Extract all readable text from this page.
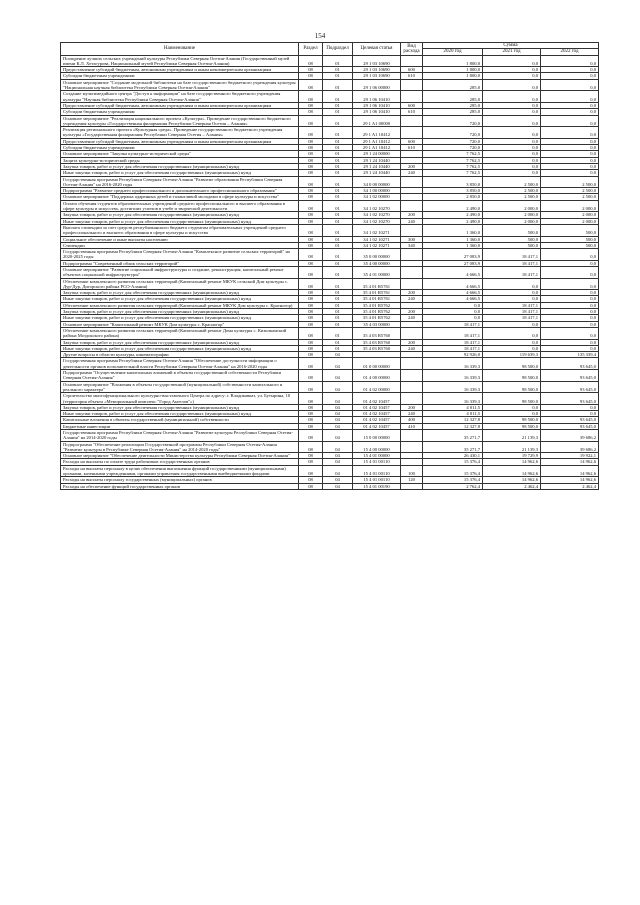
154
Наименование	Раздел	Подраздел	Целевая статья	Вид расхода	Сумма		
					2020 год	2021 год	2022 год
Поощрение лучших сельских учреждений культуры Республики Северная Осетия-Алания (Государственный музей имени К.Л. Хетагурова, Национальный музей Республики Северная Осетия-Алания)	08	01	29 1 03 10690		1 800,0	0,0	0,0
Предоставление субсидий бюджетным, автономным учреждениям и иным некоммерческим организациям	08	01	29 1 03 10690	600	1 800,0	0,0	0,0
Субсидии бюджетным учреждениям	08	01	29 1 03 10690	610	1 800,0	0,0	0,0
Основное мероприятие "Создание модельной библиотеки на базе государственного бюджетного учреждения культуры "Национальная научная библиотека Республики Северная Осетия-Алания"	08	01	29 1 06 00000		285,0	0,0	0,0
Создание мультимедийного центра "Доступ к информации" на базе государственного бюджетного учреждения культуры "Научная библиотека Республики Северная Осетия-Алания"	08	01	29 1 06 10410		285,0	0,0	0,0
Предоставление субсидий бюджетным, автономным учреждениям и иным некоммерческим организациям	08	01	29 1 06 10410	600	285,0	0,0	0,0
Субсидии бюджетным учреждениям	08	01	29 1 06 10410	610	285,0	0,0	0,0
Основное мероприятие "Реализация национального проекта «Культура». Проведение государственного бюджетного учреждения культуры «Государственная филармония Республики Северная Осетия – Алания»	08	01	29 1 A1 00000		720,0	0,0	0,0
Реализация регионального проекта «Культурная среда». Проведение государственного бюджетного учреждения культуры «Государственная филармония Республики Северная Осетия – Алания»	08	01	29 1 A1 10412		720,0	0,0	0,0
Предоставление субсидий бюджетным, автономным учреждениям и иным некоммерческим организациям	08	01	29 1 A1 10412	600	720,0	0,0	0,0
Субсидии бюджетным учреждениям	08	01	29 1 A1 10412	610	720,0	0,0	0,0
Основное мероприятие "Закупка культурно-исторической среды"	08	01	29 1 24 00000		7 762,5	0,0	0,0
Защита культурно-исторической среды	08	01	29 1 24 10440		7 762,5	0,0	0,0
Закупка товаров, работ и услуг для обеспечения государственных (муниципальных) нужд	08	01	29 1 24 10440	200	7 762,5	0,0	0,0
Иные закупки товаров, работ и услуг для обеспечения государственных (муниципальных) нужд	08	01	29 1 24 10440	240	7 762,5	0,0	0,0
Государственная программа Республики Северная Осетия-Алания "Развитие образования Республики Северная Осетия-Алания" на 2016-2020 годы	08	01	34 0 00 00000		3 850,0	2 500,0	2 500,0
Подпрограмма "Развитие среднего профессионального и дополнительного профессионального образования"	08	01	34 1 00 00000		3 850,0	2 500,0	2 500,0
Основное мероприятие "Поддержка одаренных детей и талантливой молодежи в сфере культуры и искусства"	08	01	34 1 02 00000		2 850,0	2 500,0	2 500,0
Оплата обучения студентов образовательных учреждений среднего профессионального и высшего образования в сфере культуры и искусства, достигших успехов в учебе и творческой деятельности	08	01	34 1 02 10270		2 490,0	2 000,0	2 000,0
Закупка товаров, работ и услуг для обеспечения государственных (муниципальных) нужд	08	01	34 1 02 10270	200	2 490,0	2 000,0	2 000,0
Иные закупки товаров, работ и услуг для обеспечения государственных (муниципальных) нужд	08	01	34 1 02 10270	240	2 490,0	2 000,0	2 000,0
Выплата стипендии за счет средств республиканского бюджета студентам образовательных учреждений среднего профессионального и высшего образования в сфере культуры и искусства	08	01	34 1 02 10271		1 360,0	500,0	500,0
Социальное обеспечение и иные выплаты населению	08	01	34 1 02 10271	300	1 360,0	500,0	500,0
Стипендии	08	01	34 1 02 10271	340	1 360,0	500,0	500,0
Государственная программа Республики Северная Осетия-Алания "Комплексное развитие сельских территорий" на 2020-2025 годы	08	01	35 0 00 00000		27 083,9	18 417,1	0,0
Подпрограмма "Современный облик сельских территорий"	08	01	35 4 00 00000		27 083,9	18 417,1	0,0
Основное мероприятие "Развитие социальной инфраструктуры и создание, реконструкция, капитальный ремонт объектов социальной инфраструктуры"	08	01	35 4 01 00000		4 666,5	18 417,1	0,0
Обеспечение комплексного развития сельских территорий (Капитальный ремонт МКУК сельский Дом культуры с. Дур-Дур, Дигорского района РСО-Алания)	08	01	35 4 01 R5761		4 666,5	0,0	0,0
Закупка товаров, работ и услуг для обеспечения государственных (муниципальных) нужд	08	01	35 4 01 R5761	200	4 666,5	0,0	0,0
Иные закупки товаров, работ и услуг для обеспечения государственных (муниципальных) нужд	08	01	35 4 01 R5761	240	4 666,5	0,0	0,0
Обеспечение комплексного развития сельских территорий (Капитальный ремонт МКУК Дом культуры с. Красногор)	08	01	35 4 01 R5762		0,0	18 417,1	0,0
Закупка товаров, работ и услуг для обеспечения государственных (муниципальных) нужд	08	01	35 4 01 R5762	200	0,0	18 417,1	0,0
Иные закупки товаров, работ и услуг для обеспечения государственных (муниципальных) нужд	08	01	35 4 01 R5762	240	0,0	18 417,1	0,0
Основное мероприятие "Капитальный ремонт МКУК Дом культуры с. Красногор"	08	01	35 4 03 00000		18 417,1	0,0	0,0
Обеспечение комплексного развития сельских территорий (Капитальный ремонт Дома культуры с. Кизилкамский района Моздокского района)	08	01	35 4 03 R5760		18 417,1	0,0	0,0
Закупка товаров, работ и услуг для обеспечения государственных (муниципальных) нужд	08	01	35 4 03 R5760	200	18 417,1	0,0	0,0
Иные закупки товаров, работ и услуг для обеспечения государственных (муниципальных) нужд	08	01	35 4 03 R5760	240	18 417,1	0,0	0,0
Другие вопросы в области культуры, кинематографии	08	04			92 926,0	119 639,3	135 339,4
Государственная программа Республики Северная Осетия-Алания "Обеспечение доступности информации о деятельности органов исполнительной власти Республики Северная Осетия-Алания" на 2016-2020 годы	08	04	01 0 00 00000		16 339,3	98 500,0	93 645,0
Подпрограмма "Осуществление капитальных вложений в объекты государственной собственности Республики Северная Осетия-Алания"	08	04	01 4 00 00000		16 339,3	98 500,0	93 645,0
Основное мероприятие "Вложения в объекты государственной (муниципальной) собственности капитального и реального характера"	08	04	01 4 02 00000		16 339,3	98 500,0	93 645,0
Строительство многофункционального культурно-выставочного Центра по адресу: г. Владикавказ, ул. Бутырина, 10 (территория объекта «Мемориальный комплекс "Город Ангелов"»)	08	04	01 4 02 10457		16 339,3	98 500,0	93 645,0
Закупка товаров, работ и услуг для обеспечения государственных (муниципальных) нужд	08	04	01 4 02 10457	200	4 011,5	0,0	0,0
Иные закупки товаров, работ и услуг для обеспечения государственных (муниципальных) нужд	08	04	01 4 02 10457	240	4 011,5	0,0	0,0
Капитальные вложения в объекты государственной (муниципальной) собственности	08	04	01 4 02 10457	400	12 327,8	98 500,0	93 645,0
Бюджетные инвестиции	08	04	01 4 02 10457	410	12 327,8	98 500,0	93 645,0
Государственная программа Республики Северная Осетия-Алания "Развитие культуры Республики Северная Осетия-Алания" на 2014-2020 годы	08	04	15 0 00 00000		35 271,7	21 139,3	39 686,2
Подпрограмма "Обеспечение реализации Государственной программы Республики Северная Осетия-Алания "Развитие культуры в Республике Северная Осетия-Алания" на 2014-2020 годы"	08	04	15 4 00 00000		35 271,7	21 139,3	39 686,2
Основное мероприятие "Обеспечение деятельности Министерства культуры Республики Северная Осетия-Алания"	08	04	15 4 01 00000		26 430,1	19 729,9	19 922,1
Расходы на выплаты по оплате труда работников государственных органов	08	04	15 4 01 00110		15 376,4	14 962,6	14 962,6
Расходы на выплаты персоналу в целях обеспечения выполнения функций государственными (муниципальными) органами, казенными учреждениями, органами управления государственными внебюджетными фондами	08	04	15 4 01 00110	100	15 376,4	14 962,6	14 962,6
Расходы на выплаты персоналу государственных (муниципальных) органов	08	04	15 4 01 00110	120	15 376,4	14 962,6	14 962,6
Расходы на обеспечение функций государственных органов	08	04	15 4 01 00190		2 762,4	2 462,4	2 462,4
